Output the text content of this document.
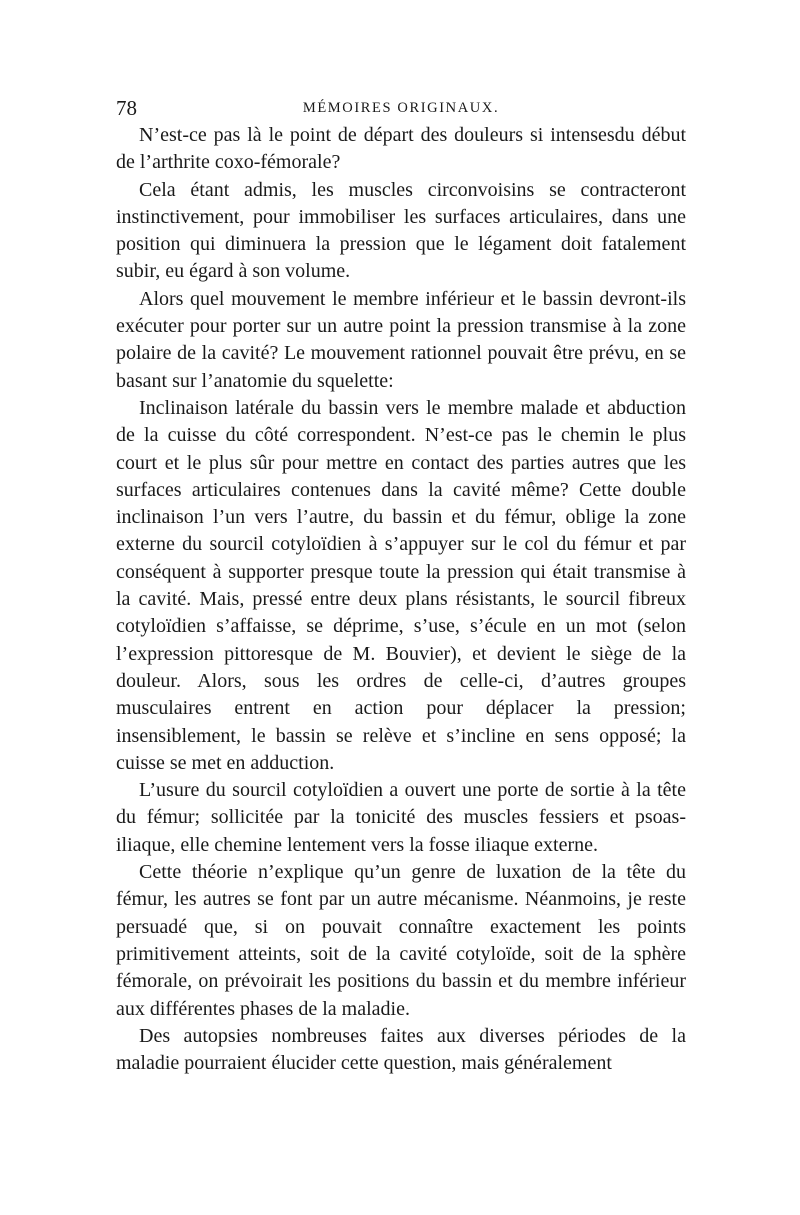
78	MÉMOIRES ORIGINAUX.

N’est-ce pas là le point de départ des douleurs si intensesdu début de l’arthrite coxo-fémorale?

Cela étant admis, les muscles circonvoisins se contracteront instinctivement, pour immobiliser les surfaces articulaires, dans une position qui diminuera la pression que le légament doit fatalement subir, eu égard à son volume.

Alors quel mouvement le membre inférieur et le bassin devront-ils exécuter pour porter sur un autre point la pression transmise à la zone polaire de la cavité? Le mouvement rationnel pouvait être prévu, en se basant sur l’anatomie du squelette:

Inclinaison latérale du bassin vers le membre malade et abduction de la cuisse du côté correspondent. N’est-ce pas le chemin le plus court et le plus sûr pour mettre en contact des parties autres que les surfaces articulaires contenues dans la cavité même? Cette double inclinaison l’un vers l’autre, du bassin et du fémur, oblige la zone externe du sourcil cotyloïdien à s’appuyer sur le col du fémur et par conséquent à supporter presque toute la pression qui était transmise à la cavité. Mais, pressé entre deux plans résistants, le sourcil fibreux cotyloïdien s’affaisse, se déprime, s’use, s’écule en un mot (selon l’expression pittoresque de M. Bouvier), et devient le siège de la douleur. Alors, sous les ordres de celle-ci, d’autres groupes musculaires entrent en action pour déplacer la pression; insensiblement, le bassin se relève et s’incline en sens opposé; la cuisse se met en adduction.

L’usure du sourcil cotyloïdien a ouvert une porte de sortie à la tête du fémur; sollicitée par la tonicité des muscles fessiers et psoas-iliaque, elle chemine lentement vers la fosse iliaque externe.

Cette théorie n’explique qu’un genre de luxation de la tête du fémur, les autres se font par un autre mécanisme. Néanmoins, je reste persuadé que, si on pouvait connaître exactement les points primitivement atteints, soit de la cavité cotyloïde, soit de la sphère fémorale, on prévoirait les positions du bassin et du membre inférieur aux différentes phases de la maladie.

Des autopsies nombreuses faites aux diverses périodes de la maladie pourraient élucider cette question, mais généralement
